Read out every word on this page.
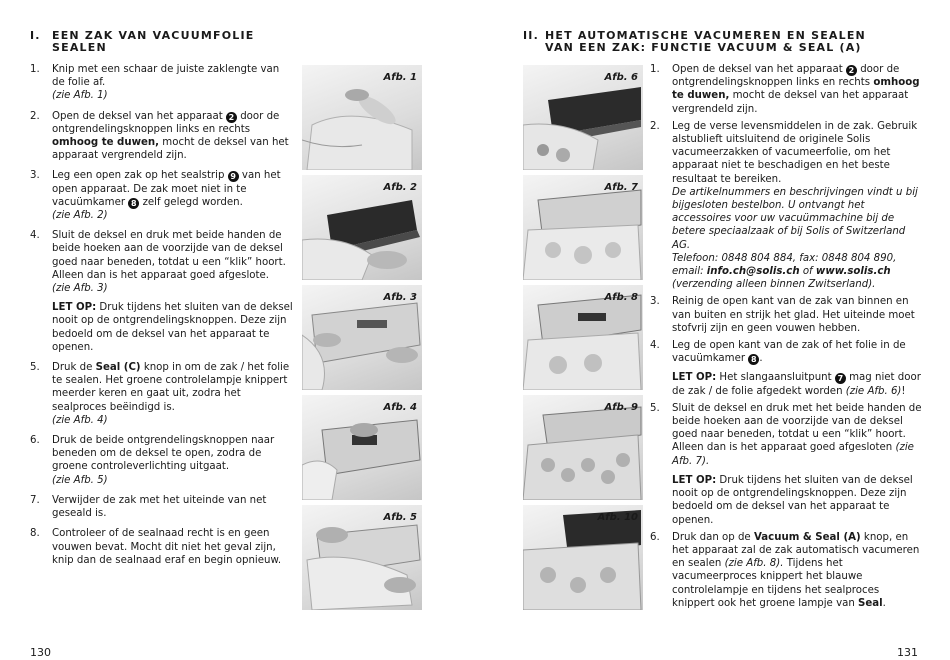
I. EEN ZAK VAN VACUUMFOLIE
SEALEN
1. Knip met een schaar de juiste zaklengte van de folie af.

(zie Afb. 1)

2. Open de deksel van het apparaat 2 door de ontgrendelingsknoppen links en rechts omhoog te duwen, mocht de deksel van het apparaat vergrendeld zijn.

3. Leg een open zak op het sealstrip 9 van het open apparaat. De zak moet niet in te vacuümkamer 8 zelf gelegd worden.

(zie Afb. 2)

4. Sluit de deksel en druk met beide handen de beide hoeken aan de voorzijde van de deksel goed naar beneden, totdat u een “klik” hoort. Alleen dan is het apparaat goed afgeslote.

(zie Afb. 3)

LET OP: Druk tijdens het sluiten van de deksel nooit op de ontgrendelingsknoppen. Deze zijn bedoeld om de deksel van het apparaat te openen.

5. Druk de Seal (C) knop in om de zak / het folie te sealen. Het groene controlelampje knippert meerder keren en gaat uit, zodra het sealproces beëindigd is.

(zie Afb. 4)

6. Druk de beide ontgrendelingsknoppen naar beneden om de deksel te open, zodra de groene controleverlichting uitgaat.

(zie Afb. 5)

7. Verwijder de zak met het uiteinde van net geseald is.

8. Controleer of de sealnaad recht is en geen vouwen bevat. Mocht dit niet het geval zijn, knip dan de sealnaad eraf en begin opnieuw.

Afb. 1
Afb. 2
Afb. 3
Afb. 4
Afb. 5
130
II. HET AUTOMATISCHE VACUMEREN EN SEALEN
VAN EEN ZAK: FUNCTIE VACUUM & SEAL (A)
Afb. 6
Afb. 7
Afb. 8
Afb. 9
Afb. 10
1. Open de deksel van het apparaat 2 door de ontgrendelingsknoppen links en rechts omhoog te duwen, mocht de deksel van het apparaat vergrendeld zijn.

2. Leg de verse levensmiddelen in de zak. Gebruik alstublieft uitsluitend de originele Solis vacumeerzakken of vacumeerfolie, om het apparaat niet te beschadigen en het beste resultaat te bereiken.

De artikelnummers en beschrijvingen vindt u bij bijgesloten bestelbon. U ontvangt het accessoires voor uw vacuümmachine bij de betere speciaalzaak of bij Solis of Switzerland AG.

Telefoon: 0848 804 884, fax: 0848 804 890,

email: info.ch@solis.ch of www.solis.ch

(verzending alleen binnen Zwitserland).

3. Reinig de open kant van de zak van binnen en van buiten en strijk het glad. Het uiteinde moet stofvrij zijn en geen vouwen hebben.

4. Leg de open kant van de zak of het folie in de vacuümkamer 8 .

LET OP: Het slangaansluitpunt 7 mag niet door de zak / de folie afgedekt worden (zie Afb. 6)!

5. Sluit de deksel en druk met het beide handen de beide hoeken aan de voorzijde van de deksel goed naar beneden, totdat u een “klik” hoort. Alleen dan is het apparaat goed afgesloten (zie Afb. 7).

LET OP: Druk tijdens het sluiten van de deksel nooit op de ontgrendelingsknoppen. Deze zijn bedoeld om de deksel van het apparaat te openen.

6. Druk dan op de Vacuum & Seal (A) knop, en het apparaat zal de zak automatisch vacumeren en sealen (zie Afb. 8). Tijdens het vacumeerproces knippert het blauwe controlelampje en tijdens het sealproces knippert ook het groene lampje van Seal.

131
